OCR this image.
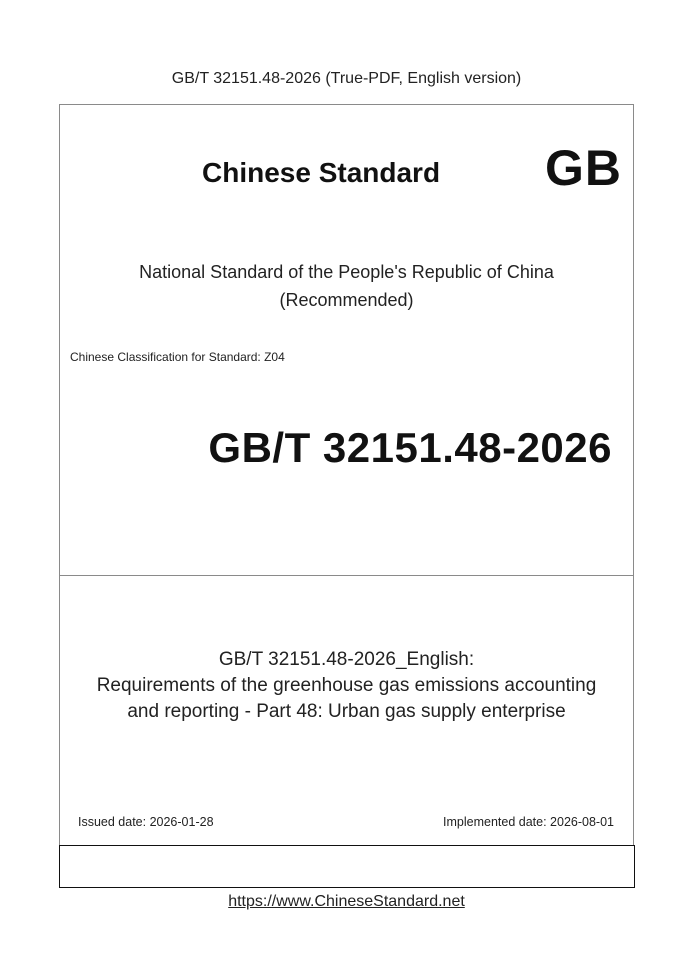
GB/T 32151.48-2026 (True-PDF, English version)
Chinese Standard GB
National Standard of the People's Republic of China
(Recommended)
Chinese Classification for Standard: Z04
GB/T 32151.48-2026
GB/T 32151.48-2026_English:
Requirements of the greenhouse gas emissions accounting
and reporting - Part 48: Urban gas supply enterprise
Issued date: 2026-01-28	Implemented date: 2026-08-01
https://www.ChineseStandard.net
